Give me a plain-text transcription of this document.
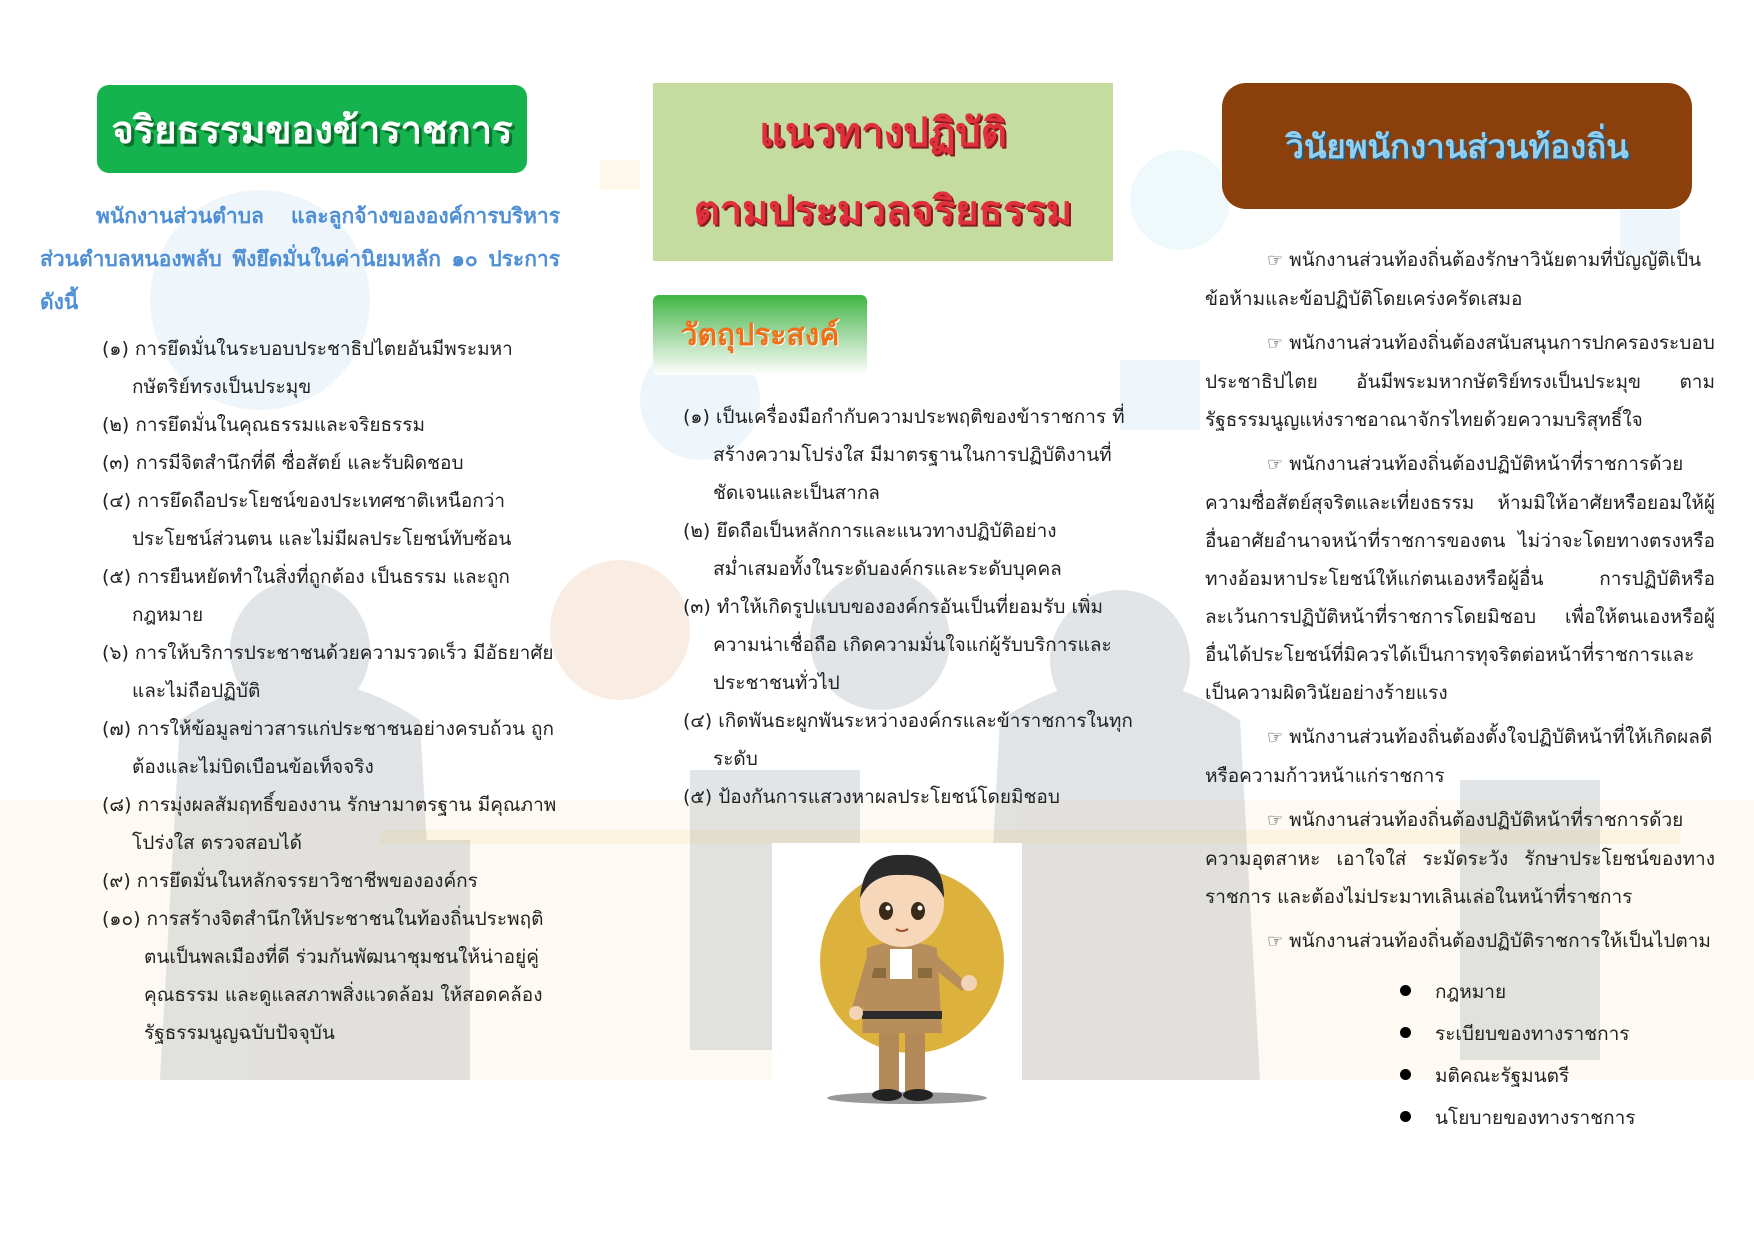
จริยธรรมของข้าราชการ
พนักงานส่วนตำบล และลูกจ้างขององค์การบริหารส่วนตำบลหนองพลับ พึงยึดมั่นในค่านิยมหลัก ๑๐ ประการ ดังนี้
(๑) การยึดมั่นในระบอบประชาธิปไตยอันมีพระมหากษัตริย์ทรงเป็นประมุข
(๒) การยึดมั่นในคุณธรรมและจริยธรรม
(๓) การมีจิตสำนึกที่ดี ซื่อสัตย์ และรับผิดชอบ
(๔) การยึดถือประโยชน์ของประเทศชาติเหนือกว่าประโยชน์ส่วนตน และไม่มีผลประโยชน์ทับซ้อน
(๕) การยืนหยัดทำในสิ่งที่ถูกต้อง เป็นธรรม และถูกกฎหมาย
(๖) การให้บริการประชาชนด้วยความรวดเร็ว มีอัธยาศัยและไม่ถือปฏิบัติ
(๗) การให้ข้อมูลข่าวสารแก่ประชาชนอย่างครบถ้วน ถูกต้องและไม่บิดเบือนข้อเท็จจริง
(๘) การมุ่งผลสัมฤทธิ์ของงาน รักษามาตรฐาน มีคุณภาพโปร่งใส ตรวจสอบได้
(๙) การยึดมั่นในหลักจรรยาวิชาชีพขององค์กร
(๑๐) การสร้างจิตสำนึกให้ประชาชนในท้องถิ่นประพฤติตนเป็นพลเมืองที่ดี ร่วมกันพัฒนาชุมชนให้น่าอยู่คู่คุณธรรม และดูแลสภาพสิ่งแวดล้อม ให้สอดคล้องรัฐธรรมนูญฉบับปัจจุบัน
แนวทางปฏิบัติ
ตามประมวลจริยธรรม
วัตถุประสงค์
(๑) เป็นเครื่องมือกำกับความประพฤติของข้าราชการ ที่สร้างความโปร่งใส มีมาตรฐานในการปฏิบัติงานที่ชัดเจนและเป็นสากล
(๒) ยึดถือเป็นหลักการและแนวทางปฏิบัติอย่างสม่ำเสมอทั้งในระดับองค์กรและระดับบุคคล
(๓) ทำให้เกิดรูปแบบขององค์กรอันเป็นที่ยอมรับ เพิ่มความน่าเชื่อถือ เกิดความมั่นใจแก่ผู้รับบริการและประชาชนทั่วไป
(๔) เกิดพันธะผูกพันระหว่างองค์กรและข้าราชการในทุกระดับ
(๕) ป้องกันการแสวงหาผลประโยชน์โดยมิชอบ
วินัยพนักงานส่วนท้องถิ่น

☞ พนักงานส่วนท้องถิ่นต้องรักษาวินัยตามที่บัญญัติเป็นข้อห้ามและข้อปฏิบัติโดยเคร่งครัดเสมอ

☞ พนักงานส่วนท้องถิ่นต้องสนับสนุนการปกครองระบอบประชาธิปไตย อันมีพระมหากษัตริย์ทรงเป็นประมุข ตามรัฐธรรมนูญแห่งราชอาณาจักรไทยด้วยความบริสุทธิ์ใจ

☞ พนักงานส่วนท้องถิ่นต้องปฏิบัติหน้าที่ราชการด้วยความซื่อสัตย์สุจริตและเที่ยงธรรม ห้ามมิให้อาศัยหรือยอมให้ผู้อื่นอาศัยอำนาจหน้าที่ราชการของตน ไม่ว่าจะโดยทางตรงหรือทางอ้อมหาประโยชน์ให้แก่ตนเองหรือผู้อื่น การปฏิบัติหรือละเว้นการปฏิบัติหน้าที่ราชการโดยมิชอบ เพื่อให้ตนเองหรือผู้อื่นได้ประโยชน์ที่มิควรได้เป็นการทุจริตต่อหน้าที่ราชการและเป็นความผิดวินัยอย่างร้ายแรง

☞ พนักงานส่วนท้องถิ่นต้องตั้งใจปฏิบัติหน้าที่ให้เกิดผลดีหรือความก้าวหน้าแก่ราชการ

☞ พนักงานส่วนท้องถิ่นต้องปฏิบัติหน้าที่ราชการด้วยความอุตสาหะ เอาใจใส่ ระมัดระวัง รักษาประโยชน์ของทางราชการ และต้องไม่ประมาทเลินเล่อในหน้าที่ราชการ

☞ พนักงานส่วนท้องถิ่นต้องปฏิบัติราชการให้เป็นไปตาม

กฎหมาย
ระเบียบของทางราชการ
มติคณะรัฐมนตรี
นโยบายของทางราชการ
